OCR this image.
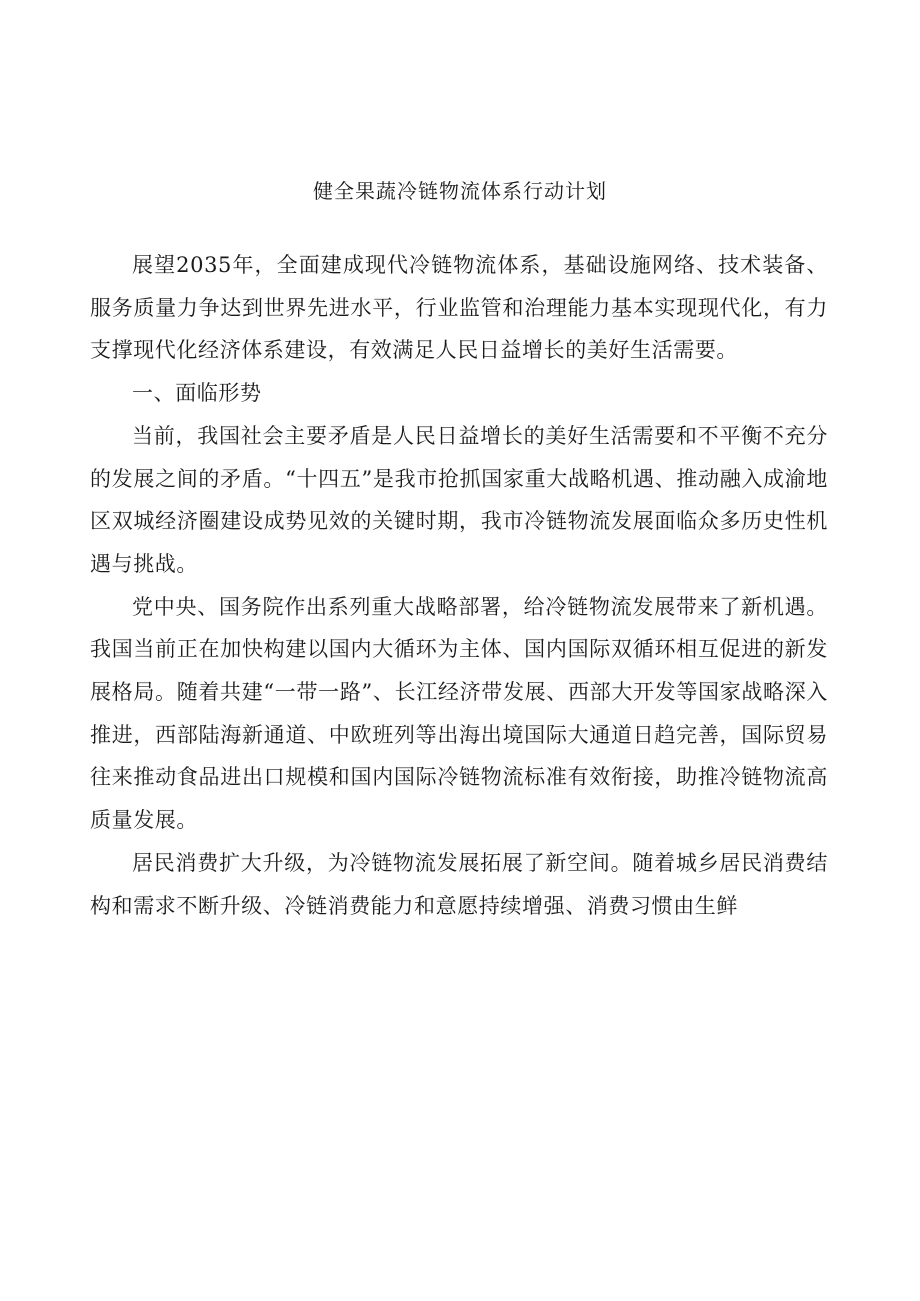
健全果蔬冷链物流体系行动计划

展望2035年，全面建成现代冷链物流体系，基础设施网络、技术装备、服务质量力争达到世界先进水平，行业监管和治理能力基本实现现代化，有力支撑现代化经济体系建设，有效满足人民日益增长的美好生活需要。

一、面临形势

当前，我国社会主要矛盾是人民日益增长的美好生活需要和不平衡不充分的发展之间的矛盾。“十四五”是我市抢抓国家重大战略机遇、推动融入成渝地区双城经济圈建设成势见效的关键时期，我市冷链物流发展面临众多历史性机遇与挑战。

党中央、国务院作出系列重大战略部署，给冷链物流发展带来了新机遇。我国当前正在加快构建以国内大循环为主体、国内国际双循环相互促进的新发展格局。随着共建“一带一路”、长江经济带发展、西部大开发等国家战略深入推进，西部陆海新通道、中欧班列等出海出境国际大通道日趋完善，国际贸易往来推动食品进出口规模和国内国际冷链物流标准有效衔接，助推冷链物流高质量发展。

居民消费扩大升级，为冷链物流发展拓展了新空间。随着城乡居民消费结构和需求不断升级、冷链消费能力和意愿持续增强、消费习惯由生鲜
